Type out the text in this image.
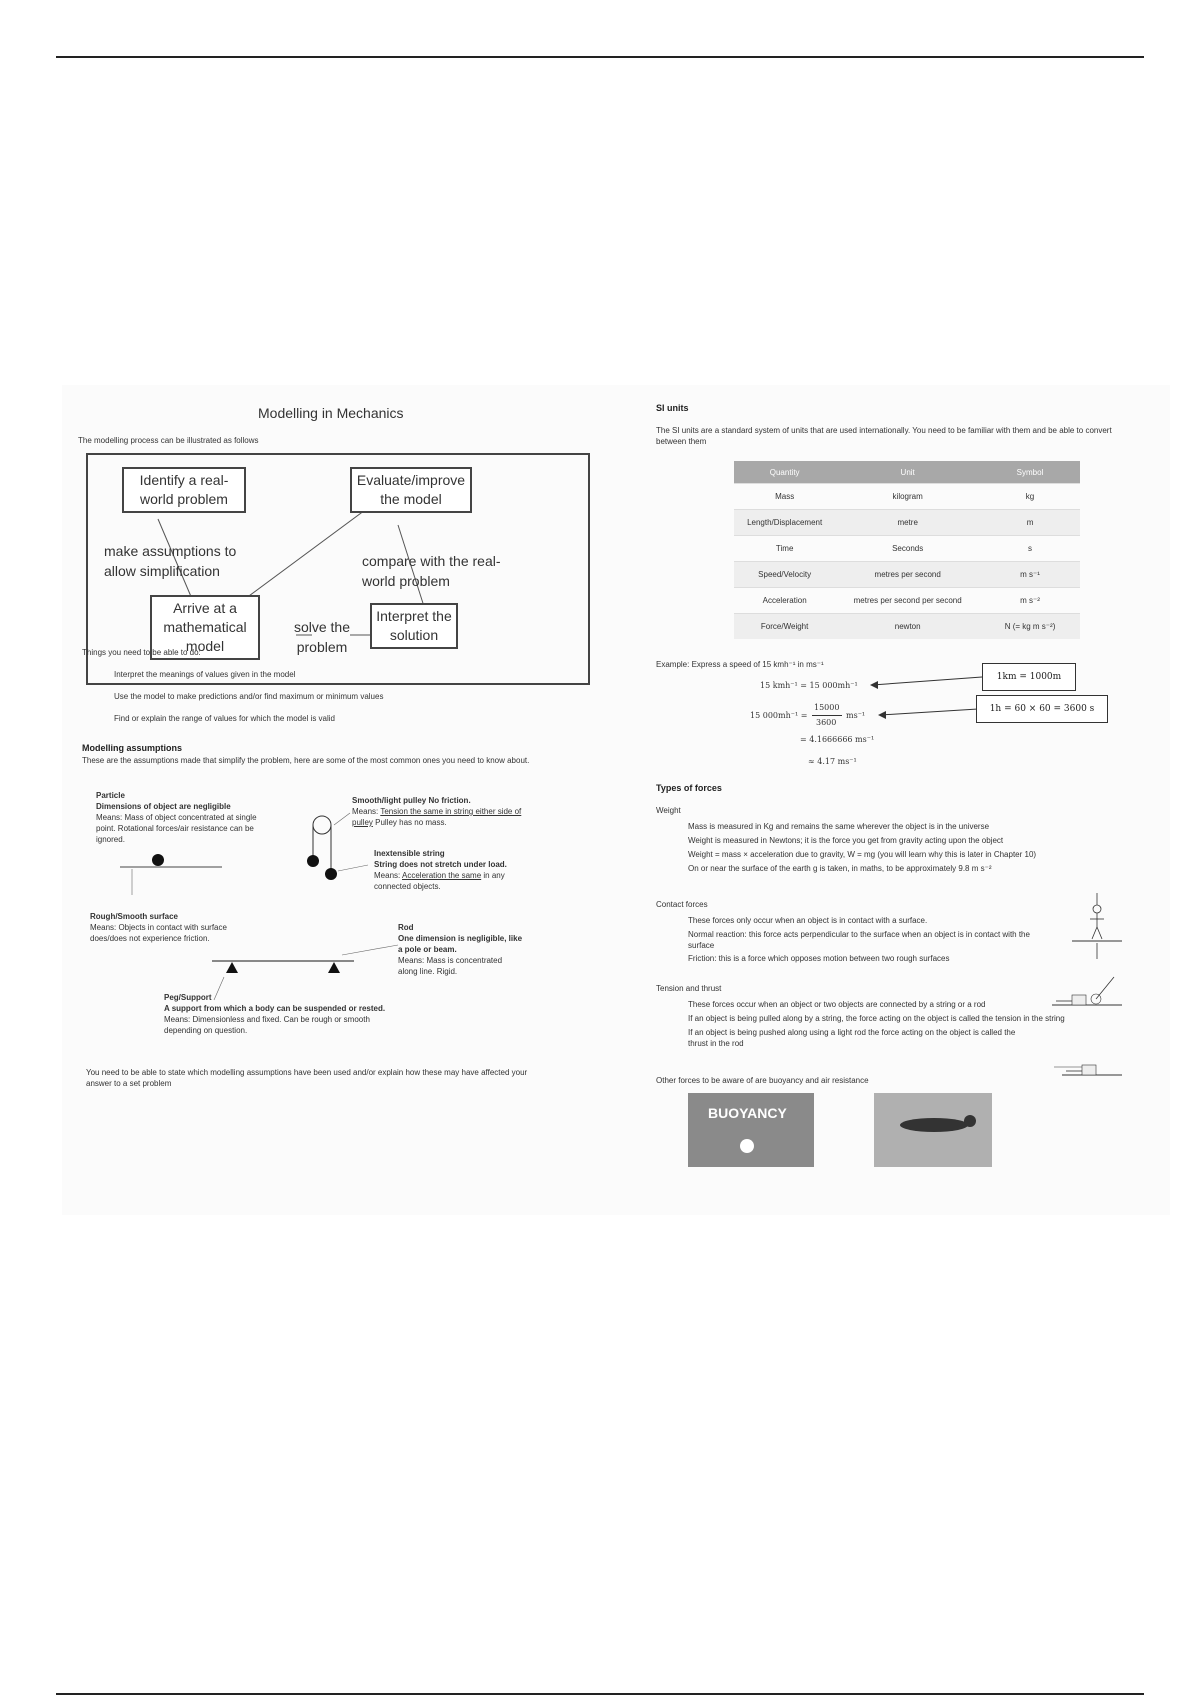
Modelling in Mechanics
The modelling process can be illustrated as follows
Identify a real-world problem
Evaluate/improve the model
make assumptions to allow simplification
compare with the real-world problem
Arrive at a mathematical model
solve the problem
Interpret the solution
Things you need to be able to do:
Interpret the meanings of values given in the model
Use the model to make predictions and/or find maximum or minimum values
Find or explain the range of values for which the model is valid
Modelling assumptions
These are the assumptions made that simplify the problem, here are some of the most common ones you need to know about.
Particle
Dimensions of object are negligible
Means: Mass of object concentrated at single point. Rotational forces/air resistance can be ignored.
Smooth/light pulley No friction.
Means: Tension the same in string either side of pulley Pulley has no mass.
Inextensible string
String does not stretch under load.
Means: Acceleration the same in any connected objects.
Rough/Smooth surface
Means: Objects in contact with surface does/does not experience friction.
Rod
One dimension is negligible, like a pole or beam.
Means: Mass is concentrated along line. Rigid.
Peg/Support
A support from which a body can be suspended or rested.
Means: Dimensionless and fixed. Can be rough or smooth depending on question.
You need to be able to state which modelling assumptions have been used and/or explain how these may have affected your answer to a set problem
SI units
The SI units are a standard system of units that are used internationally. You need to be familiar with them and be able to convert between them
Quantity	Unit	Symbol
Mass	kilogram	kg
Length/Displacement	metre	m
Time	Seconds	s
Speed/Velocity	metres per second	m s⁻¹
Acceleration	metres per second per second	m s⁻²
Force/Weight	newton	N (= kg m s⁻²)
Example: Express a speed of 15 kmh⁻¹ in ms⁻¹
15 kmh⁻¹ = 15 000mh⁻¹
15 000mh⁻¹ =
15000
3600
ms⁻¹
= 4.1666666 ms⁻¹
≈ 4.17 ms⁻¹
1km = 1000m
1h = 60 × 60 = 3600 s
Types of forces
Weight
Mass is measured in Kg and remains the same wherever the object is in the universe
Weight is measured in Newtons; it is the force you get from gravity acting upon the object
Weight = mass × acceleration due to gravity, W = mg (you will learn why this is later in Chapter 10)
On or near the surface of the earth g is taken, in maths, to be approximately 9.8 m s⁻²
Contact forces
These forces only occur when an object is in contact with a surface.
Normal reaction: this force acts perpendicular to the surface when an object is in contact with the surface
Friction: this is a force which opposes motion between two rough surfaces
Tension and thrust
These forces occur when an object or two objects are connected by a string or a rod
If an object is being pulled along by a string, the force acting on the object is called the tension in the string
If an object is being pushed along using a light rod the force acting on the object is called the thrust in the rod
Other forces to be aware of are buoyancy and air resistance
BUOYANCY
